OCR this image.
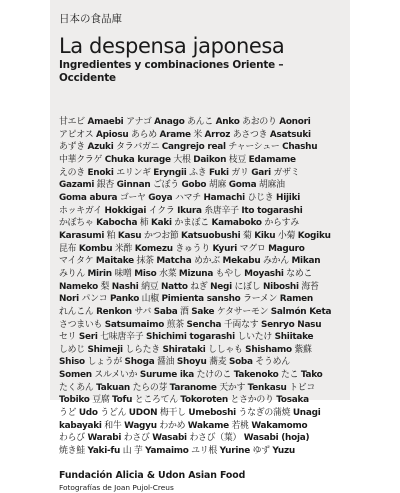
日本の食品庫
La despensa japonesa
Ingredientes y combinaciones Oriente – Occidente
甘エビ Amaebi アナゴ Anago あんこ Anko あおのり Aonori
アピオス Apiosu あらめ Arame 米 Arroz あさつき Asatsuki
あずき Azuki タラバガニ Cangrejo real チャーシュー Chashu
中華クラゲ Chuka kurage 大根 Daikon 枝豆 Edamame
えのき Enoki エリンギ Eryngii ふき Fuki ガリ Gari ガザミ
Gazami 銀杏 Ginnan ごぼう Gobo 胡麻 Goma 胡麻油
Goma abura ゴーヤ Goya ハマチ Hamachi ひじき Hijiki
ホッキガイ Hokkigai イクラ Ikura 糸唐辛子 Ito togarashi
かぼちゃ Kabocha 柿 Kaki かまぼこ Kamaboko からすみ
Karasumi 粕 Kasu かつお節 Katsuobushi 菊 Kiku 小菊 Kogiku
昆布 Kombu 米酢 Komezu きゅうり Kyuri マグロ Maguro
マイタケ Maitake 抹茶 Matcha めかぶ Mekabu みかん Mikan
みりん Mirin 味噌 Miso 水菜 Mizuna もやし Moyashi なめこ
Nameko 梨 Nashi 納豆 Natto ねぎ Negi にぼし Niboshi 海苔
Nori パンコ Panko 山椒 Pimienta sansho ラーメン Ramen
れんこん Renkon サバ Saba 酒 Sake ケタサーモン Salmón Keta
さつまいも Satsumaimo 煎茶 Sencha 千両なす Senryo Nasu
セリ Seri 七味唐辛子 Shichimi togarashi しいたけ Shiitake
しめじ Shimeji しらたき Shirataki ししゃも Shishamo 紫蘇
Shiso しょうが Shoga 醤油 Shoyu 蕎麦 Soba そうめん
Somen スルメいか Surume ika たけのこ Takenoko たこ Tako
たくあん Takuan たらの芽 Taranome 天かす Tenkasu トビコ
Tobiko 豆腐 Tofu ところてん Tokoroten とさかのり Tosaka
うど Udo うどん UDON 梅干し Umeboshi うなぎの蒲焼 Unagi
kabayaki 和牛 Wagyu わかめ Wakame 若桃 Wakamomo
わらび Warabi わさび Wasabi わさび（葉） Wasabi (hoja)
焼き鮭 Yaki-fu 山 芋 Yamaimo ユリ根 Yurine ゆず Yuzu
Fundación Alicia & Udon Asian Food
Fotografías de Joan Pujol-Creus
